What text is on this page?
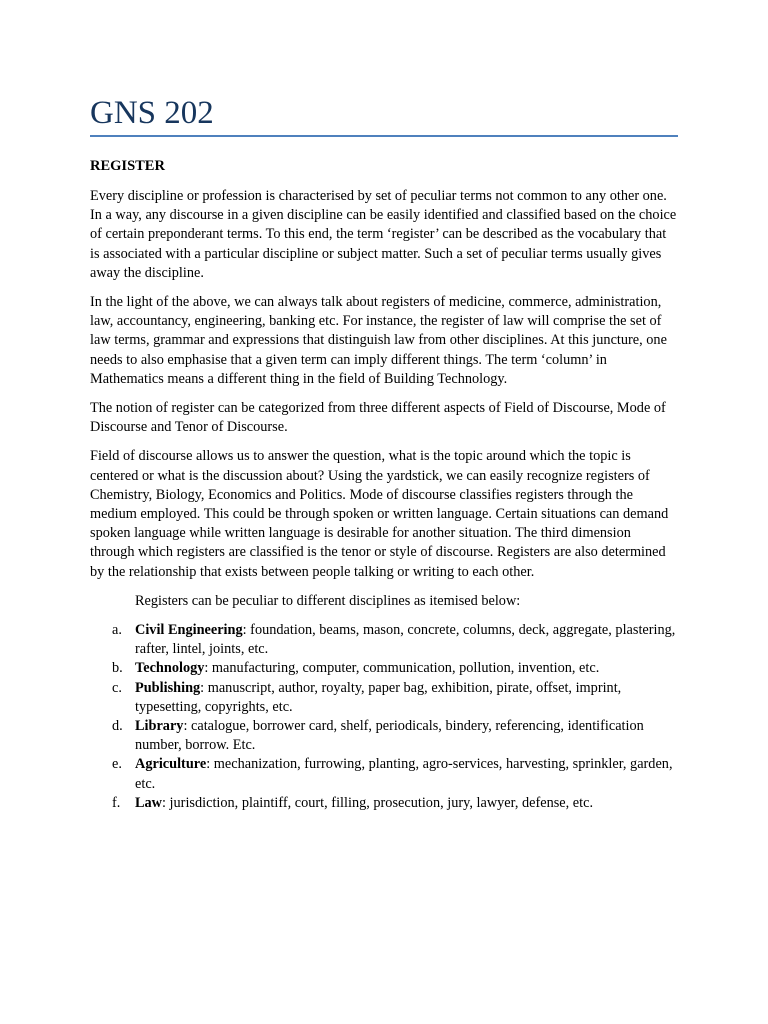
GNS 202
REGISTER

Every discipline or profession is characterised by set of peculiar terms not common to any other one. In a way, any discourse in a given discipline can be easily identified and classified based on the choice of certain preponderant terms. To this end, the term ‘register’ can be described as the vocabulary that is associated with a particular discipline or subject matter. Such a set of peculiar terms usually gives away the discipline.

In the light of the above, we can always talk about registers of medicine, commerce, administration, law, accountancy, engineering, banking etc. For instance, the register of law will comprise the set of law terms, grammar and expressions that distinguish law from other disciplines. At this juncture, one needs to also emphasise that a given term can imply different things. The term ‘column’ in Mathematics means a different thing in the field of Building Technology.

The notion of register can be categorized from three different aspects of Field of Discourse, Mode of Discourse and Tenor of Discourse.

Field of discourse allows us to answer the question, what is the topic around which the topic is centered or what is the discussion about? Using the yardstick, we can easily recognize registers of Chemistry, Biology, Economics and Politics. Mode of discourse classifies registers through the medium employed. This could be through spoken or written language. Certain situations can demand spoken language while written language is desirable for another situation. The third dimension through which registers are classified is the tenor or style of discourse. Registers are also determined by the relationship that exists between people talking or writing to each other.

Registers can be peculiar to different disciplines as itemised below:

a. Civil Engineering: foundation, beams, mason, concrete, columns, deck, aggregate, plastering, rafter, lintel, joints, etc.
b. Technology: manufacturing, computer, communication, pollution, invention, etc.
c. Publishing: manuscript, author, royalty, paper bag, exhibition, pirate, offset, imprint, typesetting, copyrights, etc.
d. Library: catalogue, borrower card, shelf, periodicals, bindery, referencing, identification number, borrow. Etc.
e. Agriculture: mechanization, furrowing, planting, agro-services, harvesting, sprinkler, garden, etc.
f.	Law: jurisdiction, plaintiff, court, filling, prosecution, jury, lawyer, defense, etc.
